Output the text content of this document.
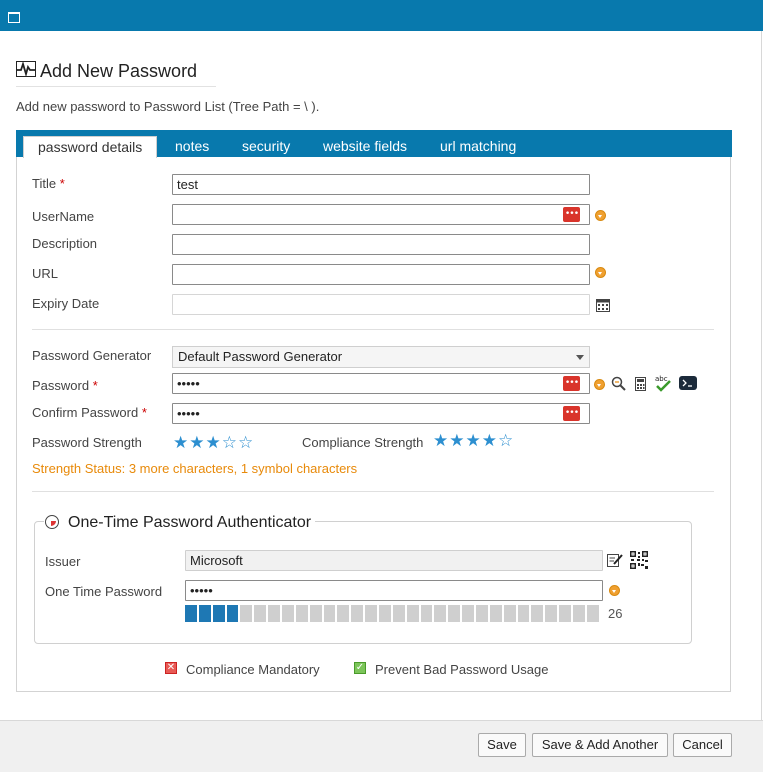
Add New Password
Add new password to Password List (Tree Path = \ ).
password details	notes security website fields url matching
Title *	test
UserName	•••
Description
URL
Expiry Date
Password Generator	Default Password Generator
Password *	•••••	•••	abc
Confirm Password *	•••••	•••
Password Strength ★★★☆☆	Compliance Strength ★★★★☆
Strength Status: 3 more characters, 1 symbol characters
One-Time Password Authenticator
Issuer	Microsoft
One Time Password	•••••
26
✕ Compliance Mandatory	✓ Prevent Bad Password Usage
Save	Save & Add Another	Cancel
